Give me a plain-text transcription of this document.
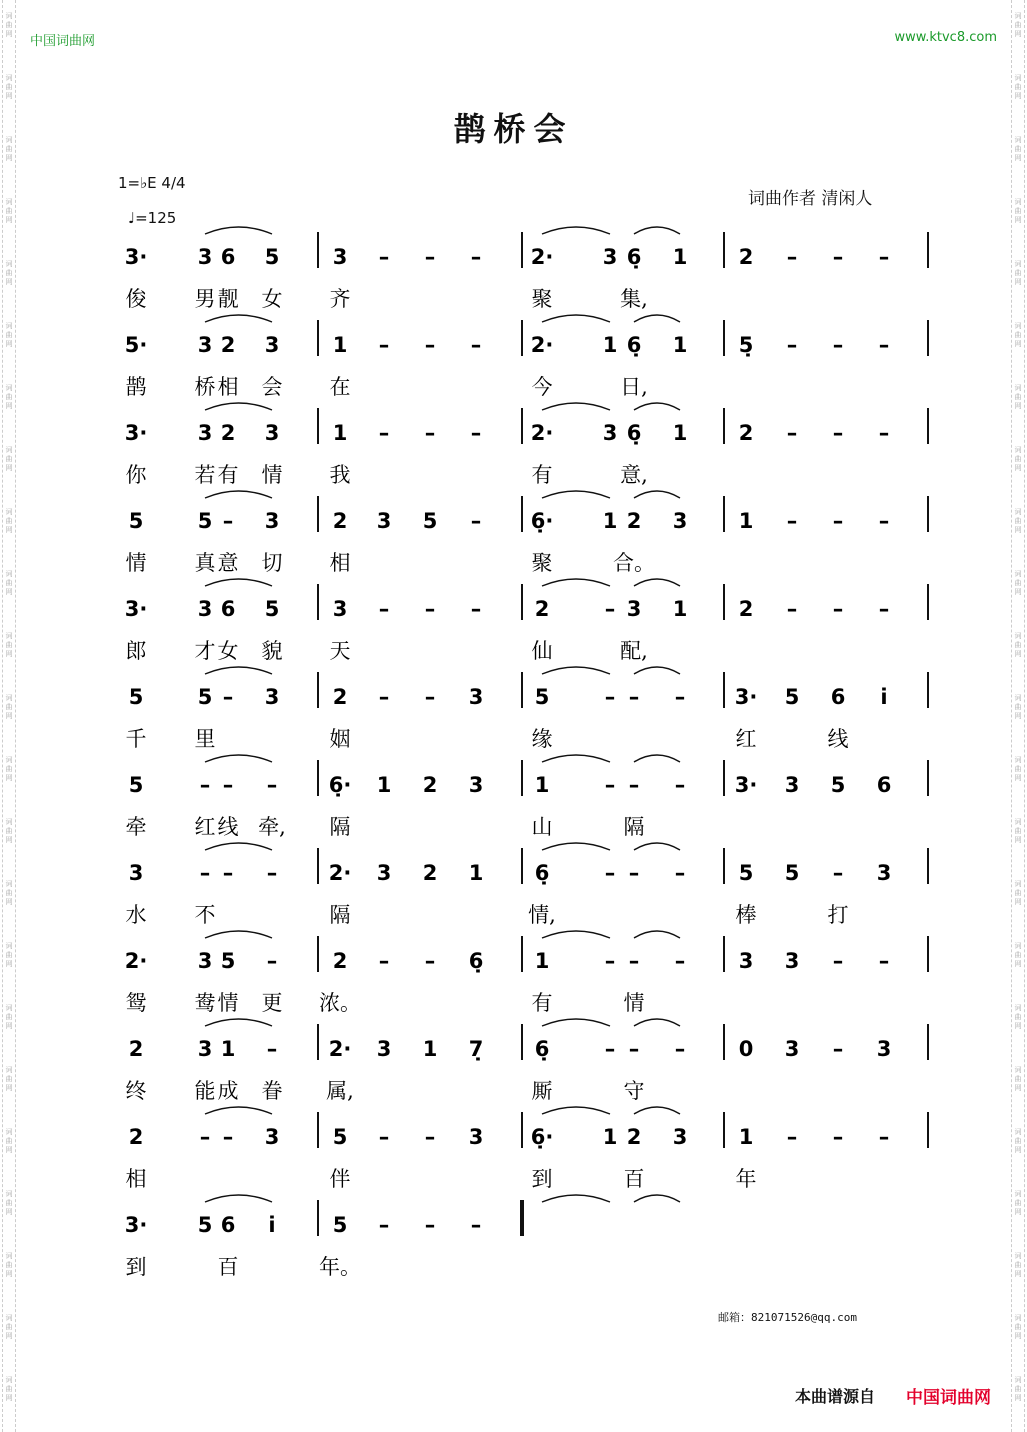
词
曲
网
词
曲
网
词
曲
网
词
曲
网
词
曲
网
词
曲
网
词
曲
网
词
曲
网
词
曲
网
词
曲
网
词
曲
网
词
曲
网
词
曲
网
词
曲
网
词
曲
网
词
曲
网
词
曲
网
词
曲
网
词
曲
网
词
曲
网
词
曲
网
词
曲
网
词
曲
网
词
曲
网
词
曲
网
词
曲
网
词
曲
网
词
曲
网
词
曲
网
词
曲
网
词
曲
网
词
曲
网
词
曲
网
词
曲
网
词
曲
网
词
曲
网
词
曲
网
词
曲
网
词
曲
网
词
曲
网
词
曲
网
词
曲
网
词
曲
网
词
曲
网
词
曲
网
词
曲
网
中国词曲网	www.ktvc8.com
鹊桥会
1=♭E 4/4
♩=125
词曲作者 清闲人
3· 3 6 5	3 – – – 2· 3 6̣ 1 2 – – –
俊 男 靓 女 齐	聚	集,
5· 3 2 3	1 – – – 2· 1 6̣ 1 5̣ – – –
鹊 桥 相 会 在	今	日,
3· 3 2 3	1 – – – 2· 3 6̣ 1 2 – – –
你 若 有 情 我	有	意,
5	5 – 3	2 3 5 – 6̣· 1 2 3 1 – – –
情 真 意 切 相	聚	合。
3· 3 6 5	3 – – –	2	– 3 1 2 – – –
郎 才 女 貌 天	仙	配,
5	5 – 3	2 – – 3 5	– – – 3· 5 6 i
千 里	姻	缘	红	线
5	– – – 6̣· 1 2 3 1	– – – 3· 3 5 6
牵 红 线 牵, 隔	山	隔
3	– – – 2· 3 2 1 6̣	– – –	5 5 – 3
水 不	隔	情,	棒	打
2· 3 5 –	2 – – 6̣ 1	– – –	3 3 – –
鸳 鸯 情 更 浓。	有	情
2	3 1 – 2· 3 1 7̣ 6̣	– – –	0 3 – 3
终 能 成 眷 属,	厮	守
2	– – 3	5 – – 3 6̣· 1 2 3 1 – – –
相	伴	到	百	年
3· 5 6 i	5 – – –
到	百	年。
邮箱：821071526@qq.com
本曲谱源自 中国词曲网
